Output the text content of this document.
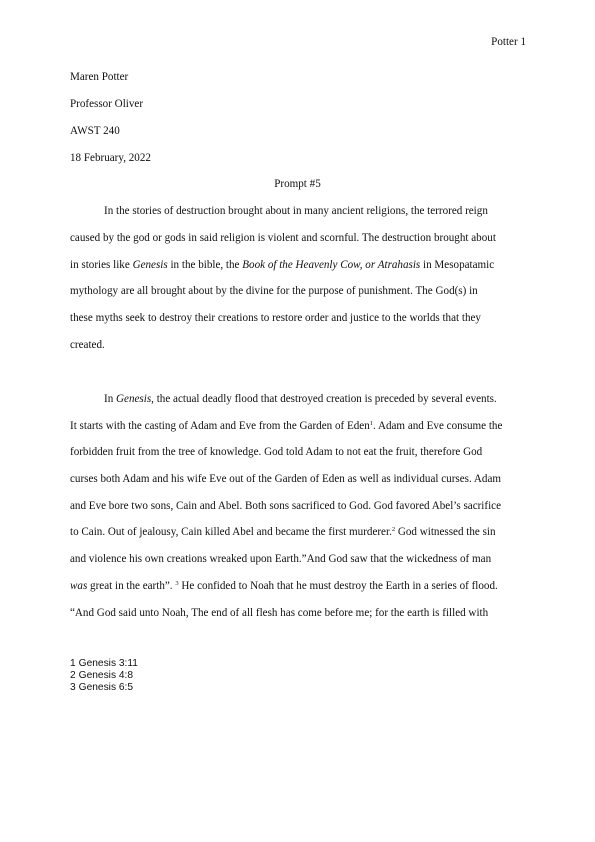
Potter 1
Maren Potter
Professor Oliver
AWST 240
18 February, 2022
Prompt #5
In the stories of destruction brought about in many ancient religions, the terrored reign
caused by the god or gods in said religion is violent and scornful. The destruction brought about
in stories like Genesis in the bible, the Book of the Heavenly Cow, or Atrahasis in Mesopatamic
mythology are all brought about by the divine for the purpose of punishment. The God(s) in
these myths seek to destroy their creations to restore order and justice to the worlds that they
created.
In Genesis, the actual deadly flood that destroyed creation is preceded by several events.
It starts with the casting of Adam and Eve from the Garden of Eden$^1$. Adam and Eve consume the
forbidden fruit from the tree of knowledge. God told Adam to not eat the fruit, therefore God
curses both Adam and his wife Eve out of the Garden of Eden as well as individual curses. Adam
and Eve bore two sons, Cain and Abel. Both sons sacrificed to God. God favored Abel’s sacrifice
to Cain. Out of jealousy, Cain killed Abel and became the first murderer.$^2$ God witnessed the sin
and violence his own creations wreaked upon Earth.”And God saw that the wickedness of man
was great in the earth”. $^3$ He confided to Noah that he must destroy the Earth in a series of flood.
“And God said unto Noah, The end of all flesh has come before me; for the earth is filled with
1 Genesis 3:11
2 Genesis 4:8
3 Genesis 6:5
